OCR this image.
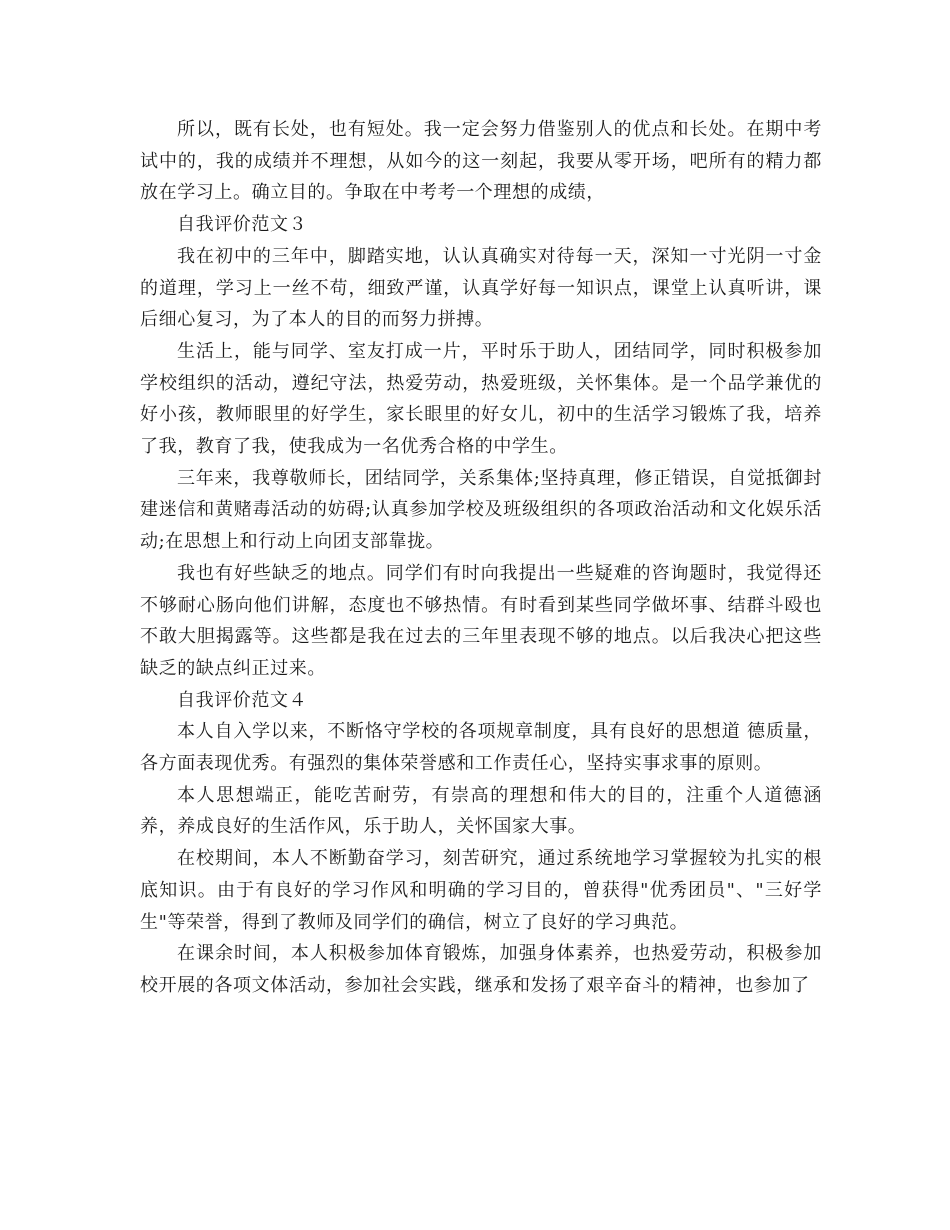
所以，既有长处，也有短处。我一定会努力借鉴别人的优点和长处。在期中考试中的，我的成绩并不理想，从如今的这一刻起，我要从零开场，吧所有的精力都放在学习上。确立目的。争取在中考考一个理想的成绩，

自我评价范文３

我在初中的三年中，脚踏实地，认认真确实对待每一天，深知一寸光阴一寸金的道理，学习上一丝不苟，细致严谨，认真学好每一知识点，课堂上认真听讲，课后细心复习，为了本人的目的而努力拼搏。

生活上，能与同学、室友打成一片，平时乐于助人，团结同学，同时积极参加学校组织的活动，遵纪守法，热爱劳动，热爱班级，关怀集体。是一个品学兼优的好小孩，教师眼里的好学生，家长眼里的好女儿，初中的生活学习锻炼了我，培养了我，教育了我，使我成为一名优秀合格的中学生。

三年来，我尊敬师长，团结同学，关系集体;坚持真理，修正错误，自觉抵御封建迷信和黄赌毒活动的妨碍;认真参加学校及班级组织的各项政治活动和文化娱乐活动;在思想上和行动上向团支部靠拢。

我也有好些缺乏的地点。同学们有时向我提出一些疑难的咨询题时，我觉得还不够耐心肠向他们讲解，态度也不够热情。有时看到某些同学做坏事、结群斗殴也不敢大胆揭露等。这些都是我在过去的三年里表现不够的地点。以后我决心把这些缺乏的缺点纠正过来。

自我评价范文４

本人自入学以来，不断恪守学校的各项规章制度，具有良好的思想道 德质量，各方面表现优秀。有强烈的集体荣誉感和工作责任心，坚持实事求事的原则。

本人思想端正，能吃苦耐劳，有崇高的理想和伟大的目的，注重个人道德涵养，养成良好的生活作风，乐于助人，关怀国家大事。

在校期间，本人不断勤奋学习，刻苦研究，通过系统地学习掌握较为扎实的根底知识。由于有良好的学习作风和明确的学习目的，曾获得"优秀团员"、"三好学生"等荣誉，得到了教师及同学们的确信，树立了良好的学习典范。

在课余时间，本人积极参加体育锻炼，加强身体素养，也热爱劳动，积极参加校开展的各项文体活动，参加社会实践，继承和发扬了艰辛奋斗的精神，也参加了
